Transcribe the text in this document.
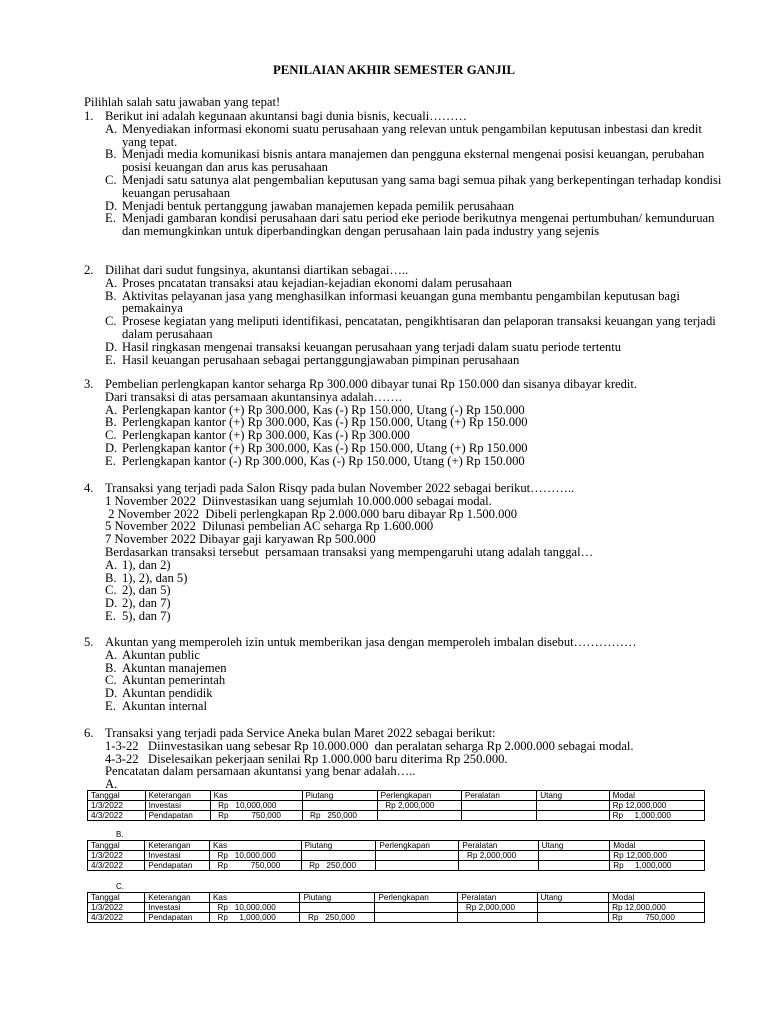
PENILAIAN AKHIR SEMESTER GANJIL
Pilihlah salah satu jawaban yang tepat!
1. Berikut ini adalah kegunaan akuntansi bagi dunia bisnis, kecuali………
A. Menyediakan informasi ekonomi suatu perusahaan yang relevan untuk pengambilan keputusan inbestasi dan kredit yang tepat.
B. Menjadi media komunikasi bisnis antara manajemen dan pengguna eksternal mengenai posisi keuangan, perubahan posisi keuangan dan arus kas perusahaan
C. Menjadi satu satunya alat pengembalian keputusan yang sama bagi semua pihak yang berkepentingan terhadap kondisi keuangan perusahaan
D. Menjadi bentuk pertanggung jawaban manajemen kepada pemilik perusahaan
E. Menjadi gambaran kondisi perusahaan dari satu period eke periode berikutnya mengenai pertumbuhan/ kemunduruan dan memungkinkan untuk diperbandingkan dengan perusahaan lain pada industry yang sejenis
2. Dilihat dari sudut fungsinya, akuntansi diartikan sebagai…..
A. Proses pncatatan transaksi atau kejadian-kejadian ekonomi dalam perusahaan
B. Aktivitas pelayanan jasa yang menghasilkan informasi keuangan guna membantu pengambilan keputusan bagi pemakainya
C. Prosese kegiatan yang meliputi identifikasi, pencatatan, pengikhtisaran dan pelaporan transaksi keuangan yang terjadi dalam perusahaan
D. Hasil ringkasan mengenai transaksi keuangan perusahaan yang terjadi dalam suatu periode tertentu
E. Hasil keuangan perusahaan sebagai pertanggungjawaban pimpinan perusahaan
3. Pembelian perlengkapan kantor seharga Rp 300.000 dibayar tunai Rp 150.000 dan sisanya dibayar kredit.
Dari transaksi di atas persamaan akuntansinya adalah…….
A. Perlengkapan kantor (+) Rp 300.000, Kas (-) Rp 150.000, Utang (-) Rp 150.000
B. Perlengkapan kantor (+) Rp 300.000, Kas (-) Rp 150.000, Utang (+) Rp 150.000
C. Perlengkapan kantor (+) Rp 300.000, Kas (-) Rp 300.000
D. Perlengkapan kantor (+) Rp 300.000, Kas (-) Rp 150.000, Utang (+) Rp 150.000
E. Perlengkapan kantor (-) Rp 300.000, Kas (-) Rp 150.000, Utang (+) Rp 150.000
4. Transaksi yang terjadi pada Salon Risqy pada bulan November 2022 sebagai berikut………..
1 November 2022  Diinvestasikan uang sejumlah 10.000.000 sebagai modal.
2 November 2022  Dibeli perlengkapan Rp 2.000.000 baru dibayar Rp 1.500.000
5 November 2022  Dilunasi pembelian AC seharga Rp 1.600.000
7 November 2022 Dibayar gaji karyawan Rp 500.000
Berdasarkan transaksi tersebut  persamaan transaksi yang mempengaruhi utang adalah tanggal…
A. 1), dan 2)
B. 1), 2), dan 5)
C. 2), dan 5)
D. 2), dan 7)
E. 5), dan 7)
5. Akuntan yang memperoleh izin untuk memberikan jasa dengan memperoleh imbalan disebut……………
A. Akuntan public
B. Akuntan manajemen
C. Akuntan pemerintah
D. Akuntan pendidik
E. Akuntan internal
6. Transaksi yang terjadi pada Service Aneka bulan Maret 2022 sebagai berikut:
1-3-22   Diinvestasikan uang sebesar Rp 10.000.000  dan peralatan seharga Rp 2.000.000 sebagai modal.
4-3-22   Diselesaikan pekerjaan senilai Rp 1.000.000 baru diterima Rp 250.000.
Pencatatan dalam persamaan akuntansi yang benar adalah…..
A.
Tanggal	Keterangan	Kas	Piutang	Perlengkapan	Peralatan	Utang	Modal
1/3/2022	Investasi	Rp   10,000,000		Rp 2,000,000			Rp 12,000,000
4/3/2022	Pendapatan	Rp          750,000	Rp   250,000				Rp     1,000,000
B.
Tanggal	Keterangan	Kas	Piutang	Perlengkapan	Peralatan	Utang	Modal
1/3/2022	Investasi	Rp   10,000,000			Rp 2,000,000		Rp 12,000,000
4/3/2022	Pendapatan	Rp          750,000	Rp   250,000				Rp     1,000,000
C.
Tanggal	Keterangan	Kas	Piutang	Perlengkapan	Peralatan	Utang	Modal
1/3/2022	Investasi	Rp   10,000,000			Rp 2,000,000		Rp 12,000,000
4/3/2022	Pendapatan	Rp     1,000,000	Rp   250,000				Rp          750,000
